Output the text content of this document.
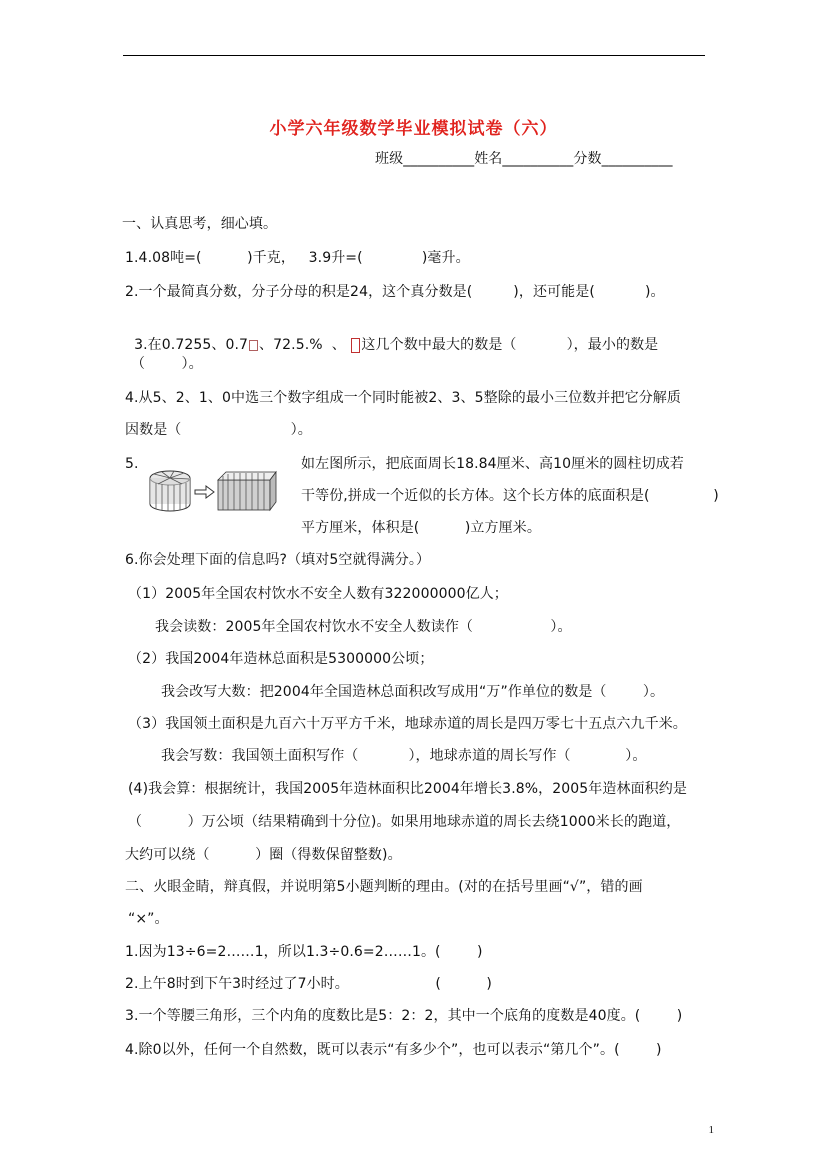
小学六年级数学毕业模拟试卷（六）
班级__________姓名__________分数__________
一、认真思考，细心填。
1.4.08吨=(          )千克，   3.9升=(             )毫升。
2.一个最简真分数，分子分母的积是24，这个真分数是(         )，还可能是(           )。

3.在0.7255、0.7 、72.5.%  、 这几个数中最大的数是（           ），最小的数是

（        ）。
4.从5、2、1、0中选三个数字组成一个同时能被2、3、5整除的最小三位数并把它分解质
因数是（                        ）。
5.	如左图所示，把底面周长18.84厘米、高10厘米的圆柱切成若
干等份,拼成一个近似的长方体。这个长方体的底面积是(              )
平方厘米，体积是(          )立方厘米。
6.你会处理下面的信息吗?（填对5空就得满分。）
（1）2005年全国农村饮水不安全人数有322000000亿人；
我会读数：2005年全国农村饮水不安全人数读作（                 ）。
（2）我国2004年造林总面积是5300000公顷；
我会改写大数：把2004年全国造林总面积改写成用“万”作单位的数是（        ）。
（3）我国领土面积是九百六十万平方千米，地球赤道的周长是四万零七十五点六九千米。
我会写数：我国领土面积写作（           ），地球赤道的周长写作（            ）。
(4)我会算：根据统计，我国2005年造林面积比2004年增长3.8%，2005年造林面积约是
（          ）万公顷（结果精确到十分位)。如果用地球赤道的周长去绕1000米长的跑道，
大约可以绕（          ）圈（得数保留整数)。
二、火眼金睛，辩真假，并说明第5小题判断的理由。(对的在括号里画“√”，错的画
“×”。
1.因为13÷6=2……1，所以1.3÷0.6=2……1。(        )
2.上午8时到下午3时经过了7小时。                   (          )
3.一个等腰三角形，三个内角的度数比是5：2：2，其中一个底角的度数是40度。(        )
4.除0以外，任何一个自然数，既可以表示“有多少个”，也可以表示“第几个”。(        )
1
